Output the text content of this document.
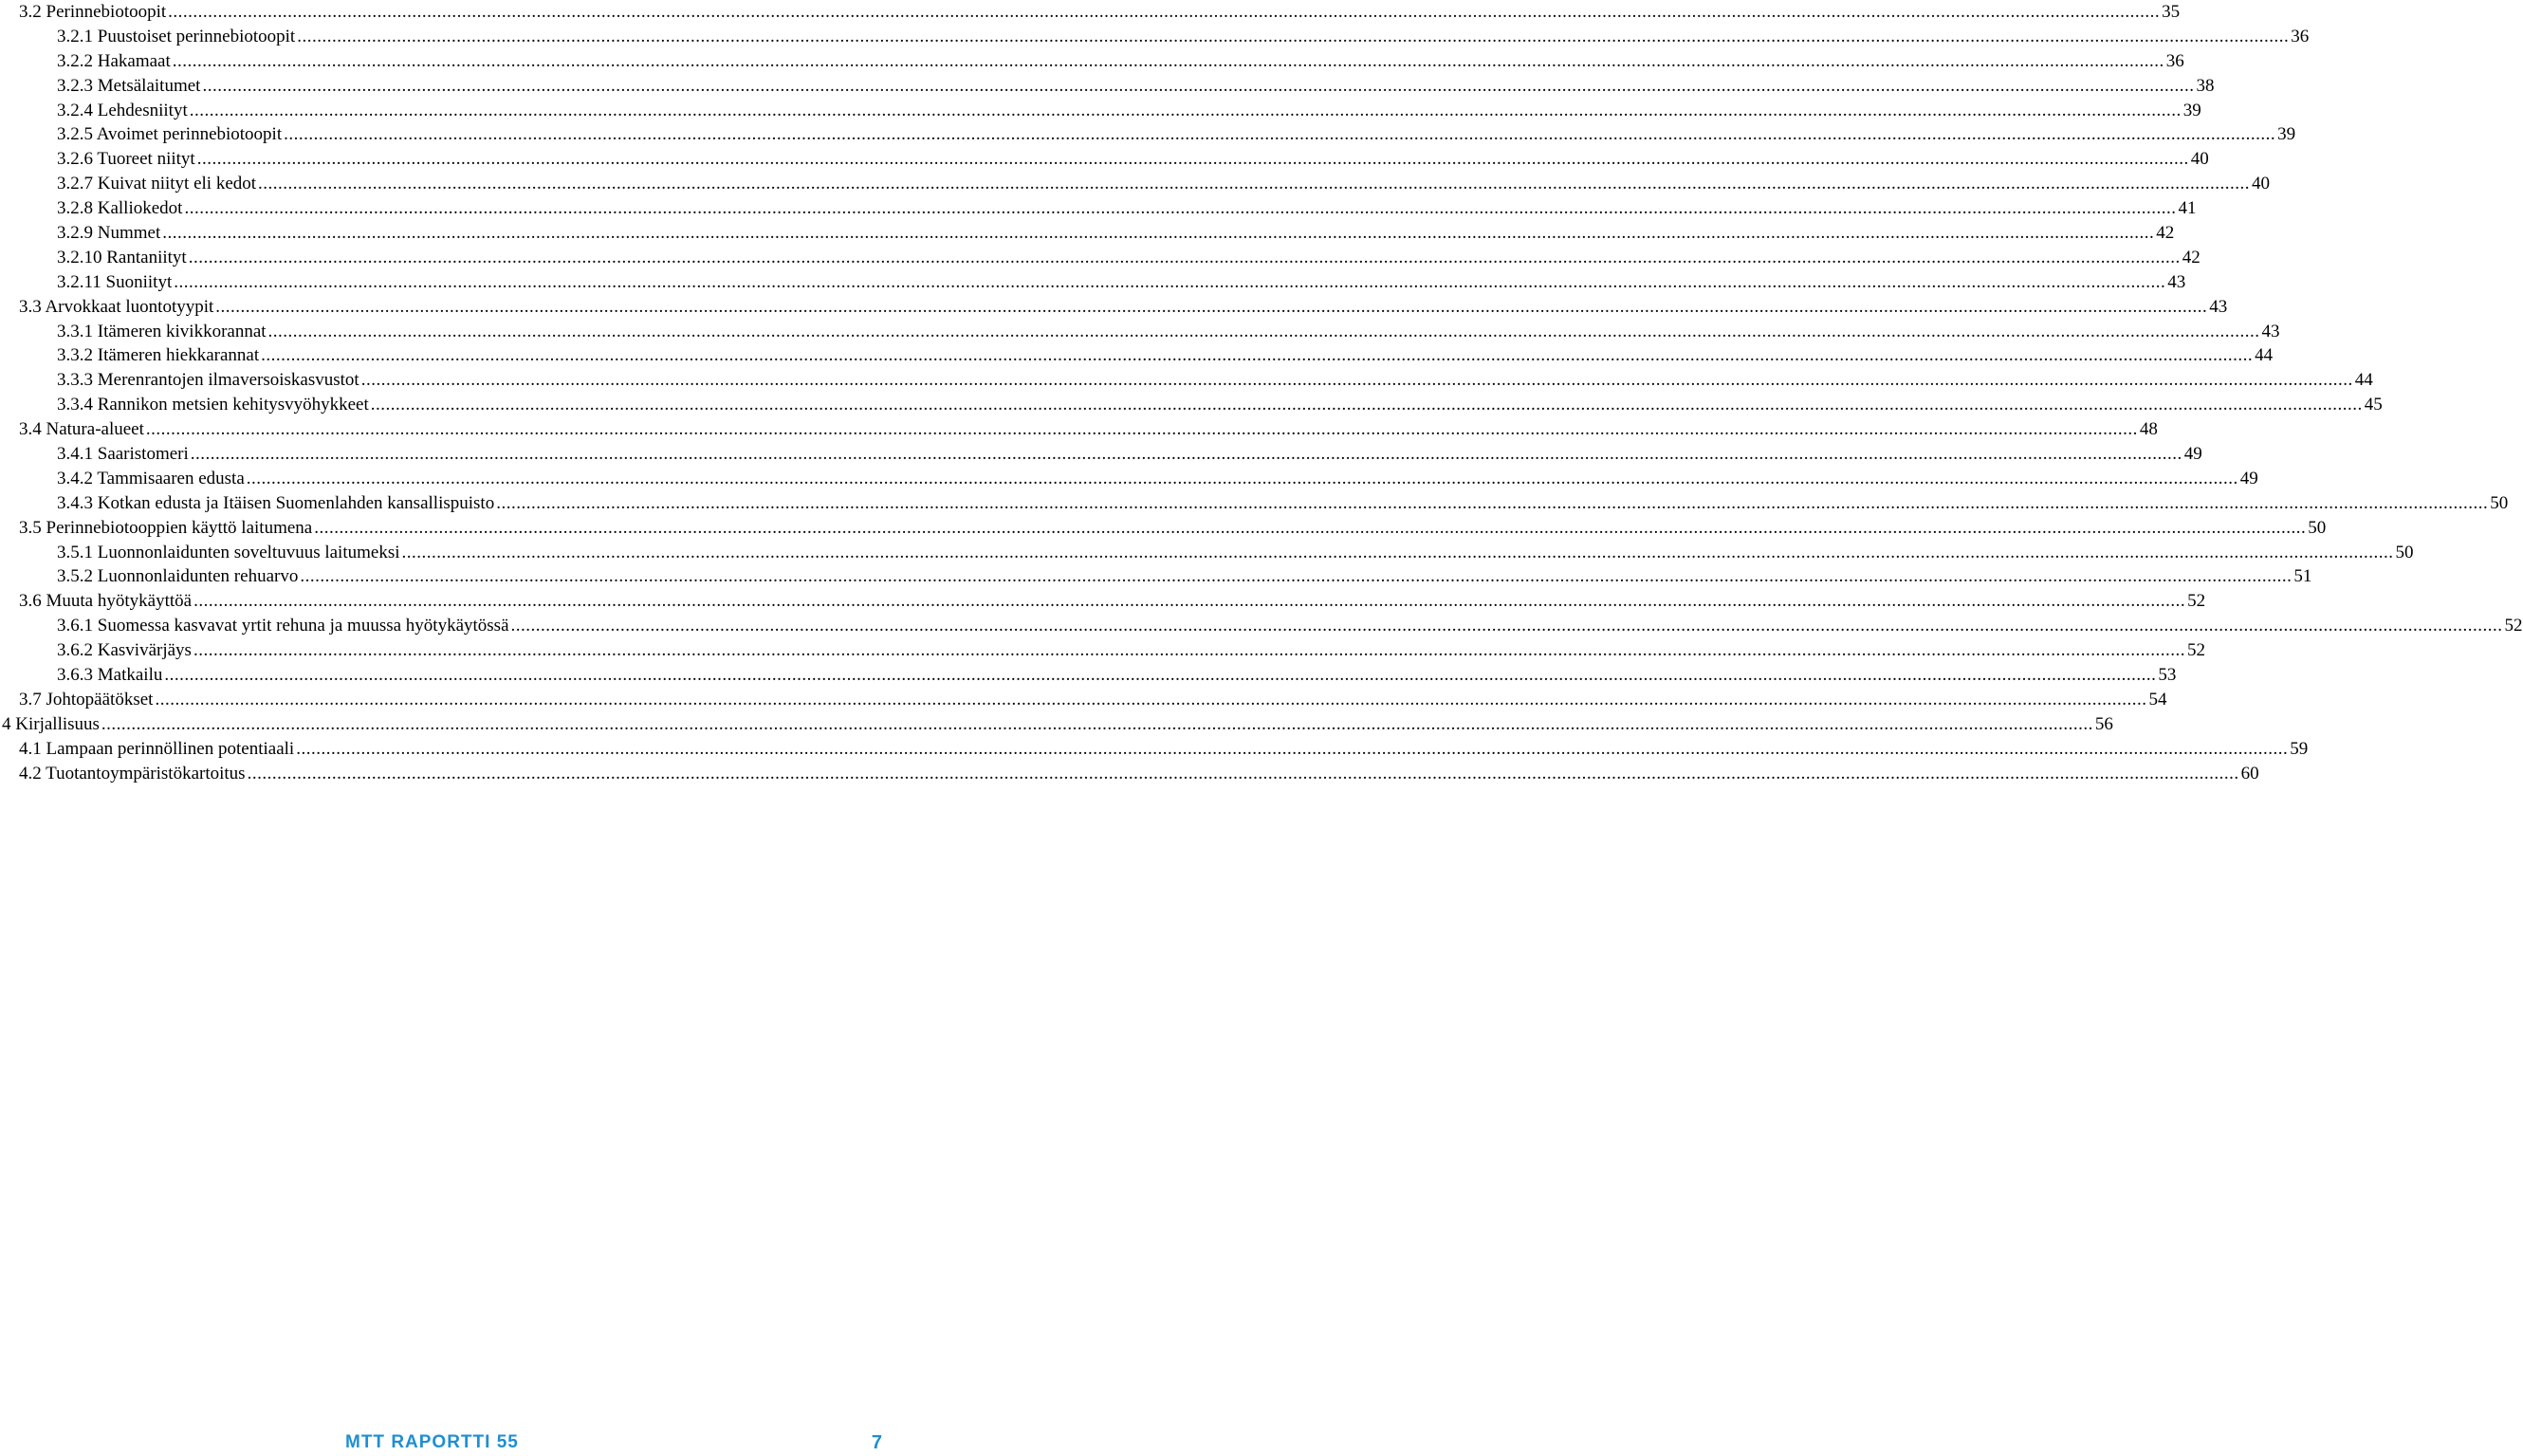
3.2 Perinnebiotoopit ................................................................................................................................................................................................................................................................................................................................................................................................................ 35
3.2.1 Puustoiset perinnebiotoopit ................................................................................................................................................................................................................................................................................................................................................................................................................ 36
3.2.2 Hakamaat ................................................................................................................................................................................................................................................................................................................................................................................................................ 36
3.2.3 Metsälaitumet ................................................................................................................................................................................................................................................................................................................................................................................................................ 38
3.2.4 Lehdesniityt ................................................................................................................................................................................................................................................................................................................................................................................................................ 39
3.2.5 Avoimet perinnebiotoopit ................................................................................................................................................................................................................................................................................................................................................................................................................ 39
3.2.6 Tuoreet niityt ................................................................................................................................................................................................................................................................................................................................................................................................................ 40
3.2.7 Kuivat niityt eli kedot ................................................................................................................................................................................................................................................................................................................................................................................................................ 40
3.2.8 Kalliokedot ................................................................................................................................................................................................................................................................................................................................................................................................................ 41
3.2.9 Nummet ................................................................................................................................................................................................................................................................................................................................................................................................................ 42
3.2.10 Rantaniityt ................................................................................................................................................................................................................................................................................................................................................................................................................ 42
3.2.11 Suoniityt ................................................................................................................................................................................................................................................................................................................................................................................................................ 43
3.3 Arvokkaat luontotyypit ................................................................................................................................................................................................................................................................................................................................................................................................................ 43
3.3.1 Itämeren kivikkorannat ................................................................................................................................................................................................................................................................................................................................................................................................................ 43
3.3.2 Itämeren hiekkarannat ................................................................................................................................................................................................................................................................................................................................................................................................................ 44
3.3.3 Merenrantojen ilmaversoiskasvustot ................................................................................................................................................................................................................................................................................................................................................................................................................ 44
3.3.4 Rannikon metsien kehitysvyöhykkeet ................................................................................................................................................................................................................................................................................................................................................................................................................ 45
3.4 Natura-alueet ................................................................................................................................................................................................................................................................................................................................................................................................................ 48
3.4.1 Saaristomeri ................................................................................................................................................................................................................................................................................................................................................................................................................ 49
3.4.2 Tammisaaren edusta ................................................................................................................................................................................................................................................................................................................................................................................................................ 49
3.4.3 Kotkan edusta ja Itäisen Suomenlahden kansallispuisto ................................................................................................................................................................................................................................................................................................................................................................................................................ 50
3.5 Perinnebiotooppien käyttö laitumena ................................................................................................................................................................................................................................................................................................................................................................................................................ 50
3.5.1 Luonnonlaidunten soveltuvuus laitumeksi ................................................................................................................................................................................................................................................................................................................................................................................................................ 50
3.5.2 Luonnonlaidunten rehuarvo ................................................................................................................................................................................................................................................................................................................................................................................................................ 51
3.6 Muuta hyötykäyttöä ................................................................................................................................................................................................................................................................................................................................................................................................................ 52
3.6.1 Suomessa kasvavat yrtit rehuna ja muussa hyötykäytössä ................................................................................................................................................................................................................................................................................................................................................................................................................ 52
3.6.2 Kasvivärjäys ................................................................................................................................................................................................................................................................................................................................................................................................................ 52
3.6.3 Matkailu ................................................................................................................................................................................................................................................................................................................................................................................................................ 53
3.7 Johtopäätökset ................................................................................................................................................................................................................................................................................................................................................................................................................ 54
4 Kirjallisuus ................................................................................................................................................................................................................................................................................................................................................................................................................ 56
4.1 Lampaan perinnöllinen potentiaali ................................................................................................................................................................................................................................................................................................................................................................................................................ 59
4.2 Tuotantoympäristökartoitus ................................................................................................................................................................................................................................................................................................................................................................................................................ 60
MTT RAPORTTI 55	7
